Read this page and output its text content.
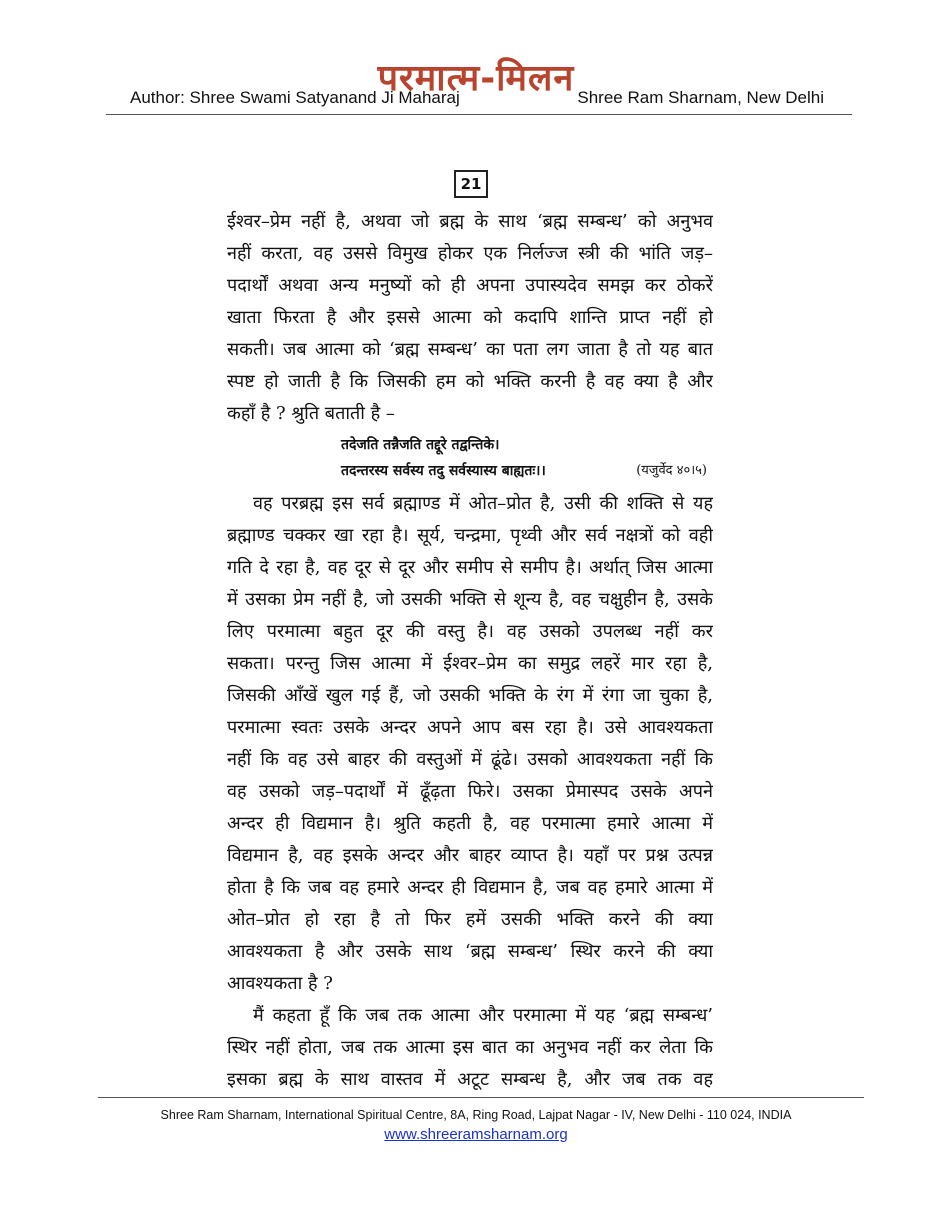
परमात्म-मिलन
Author: Shree Swami Satyanand Ji Maharaj	Shree Ram Sharnam, New Delhi
21
ईश्वर–प्रेम नहीं है, अथवा जो ब्रह्म के साथ ‘ब्रह्म सम्बन्ध’ को अनुभव
नहीं करता, वह उससे विमुख होकर एक निर्लज्ज स्त्री की भांति जड़–
पदार्थों अथवा अन्य मनुष्यों को ही अपना उपास्यदेव समझ कर ठोकरें
खाता फिरता है और इससे आत्मा को कदापि शान्ति प्राप्त नहीं हो
सकती। जब आत्मा को ‘ब्रह्म सम्बन्ध’ का पता लग जाता है तो यह बात
स्पष्ट हो जाती है कि जिसकी हम को भक्ति करनी है वह क्या है और
कहाँ है ? श्रुति बताती है –
तदेजति तन्नैजति तद्दूरे तद्वन्तिके।
तदन्तरस्य सर्वस्य तदु सर्वस्यास्य बाह्यतः।।	(यजुर्वेद ४०।५)
वह परब्रह्म इस सर्व ब्रह्माण्ड में ओत–प्रोत है, उसी की शक्ति से यह
ब्रह्माण्ड चक्कर खा रहा है। सूर्य, चन्द्रमा, पृथ्वी और सर्व नक्षत्रों को वही
गति दे रहा है, वह दूर से दूर और समीप से समीप है। अर्थात् जिस आत्मा
में उसका प्रेम नहीं है, जो उसकी भक्ति से शून्य है, वह चक्षुहीन है, उसके
लिए परमात्मा बहुत दूर की वस्तु है। वह उसको उपलब्ध नहीं कर
सकता। परन्तु जिस आत्मा में ईश्वर–प्रेम का समुद्र लहरें मार रहा है,
जिसकी आँखें खुल गई हैं, जो उसकी भक्ति के रंग में रंगा जा चुका है,
परमात्मा स्वतः उसके अन्दर अपने आप बस रहा है। उसे आवश्यकता
नहीं कि वह उसे बाहर की वस्तुओं में ढूंढे। उसको आवश्यकता नहीं कि
वह उसको जड़–पदार्थों में ढूँढ़ता फिरे। उसका प्रेमास्पद उसके अपने
अन्दर ही विद्यमान है। श्रुति कहती है, वह परमात्मा हमारे आत्मा में
विद्यमान है, वह इसके अन्दर और बाहर व्याप्त है। यहाँ पर प्रश्न उत्पन्न
होता है कि जब वह हमारे अन्दर ही विद्यमान है, जब वह हमारे आत्मा में
ओत–प्रोत हो रहा है तो फिर हमें उसकी भक्ति करने की क्या
आवश्यकता है और उसके साथ ‘ब्रह्म सम्बन्ध’ स्थिर करने की क्या
आवश्यकता है ?
मैं कहता हूँ कि जब तक आत्मा और परमात्मा में यह ‘ब्रह्म सम्बन्ध’
स्थिर नहीं होता, जब तक आत्मा इस बात का अनुभव नहीं कर लेता कि
इसका ब्रह्म के साथ वास्तव में अटूट सम्बन्ध है, और जब तक वह
Shree Ram Sharnam, International Spiritual Centre, 8A, Ring Road, Lajpat Nagar - IV, New Delhi - 110 024, INDIA
www.shreeramsharnam.org
